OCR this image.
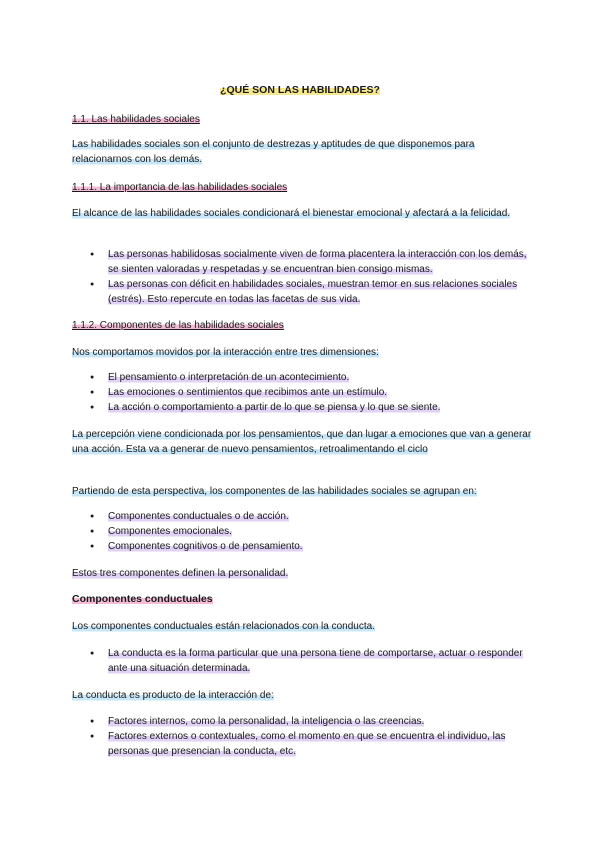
¿QUÉ SON LAS HABILIDADES?
1.1. Las habilidades sociales
Las habilidades sociales son el conjunto de destrezas y aptitudes de que disponemos para relacionarnos con los demás.
1.1.1. La importancia de las habilidades sociales
El alcance de las habilidades sociales condicionará el bienestar emocional y afectará a la felicidad.
● Las personas habilidosas socialmente viven de forma placentera la interacción con los demás, se sienten valoradas y respetadas y se encuentran bien consigo mismas.
● Las personas con déficit en habilidades sociales, muestran temor en sus relaciones sociales (estrés). Esto repercute en todas las facetas de sus vida.
1.1.2. Componentes de las habilidades sociales
Nos comportamos movidos por la interacción entre tres dimensiones:
● El pensamiento o interpretación de un acontecimiento.
● Las emociones o sentimientos que recibimos ante un estímulo.
● La acción o comportamiento a partir de lo que se piensa y lo que se siente.
La percepción viene condicionada por los pensamientos, que dan lugar a emociones que van a generar una acción. Esta va a generar de nuevo pensamientos, retroalimentando el ciclo
Partiendo de esta perspectiva, los componentes de las habilidades sociales se agrupan en:
● Componentes conductuales o de acción.
● Componentes emocionales.
● Componentes cognitivos o de pensamiento.
Estos tres componentes definen la personalidad.
Componentes conductuales
Los componentes conductuales están relacionados con la conducta.
● La conducta es la forma particular que una persona tiene de comportarse, actuar o responder ante una situación determinada.
La conducta es producto de la interacción de:
● Factores internos, como la personalidad, la inteligencia o las creencias.
● Factores externos o contextuales, como el momento en que se encuentra el individuo, las personas que presencian la conducta, etc.
